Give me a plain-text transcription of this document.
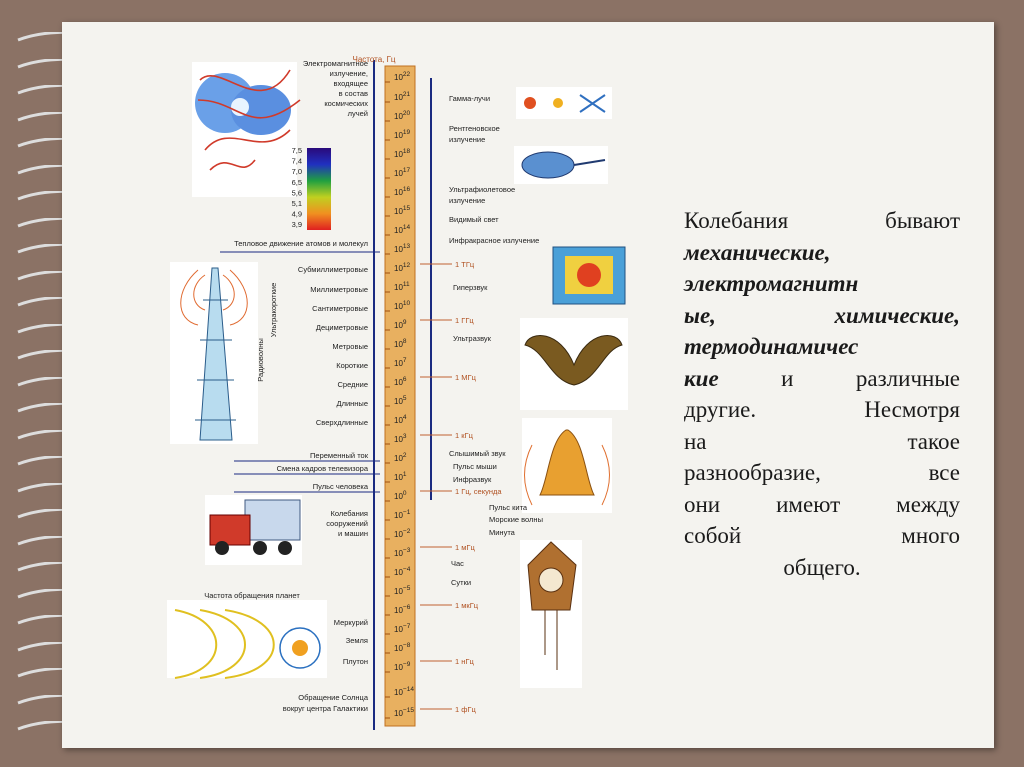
Частота, Гц
$10^{22}$
$10^{21}$
$10^{20}$
$10^{19}$
$10^{18}$
$10^{17}$
$10^{16}$
$10^{15}$
$10^{14}$
$10^{13}$
$10^{12}$
$10^{11}$
$10^{10}$
$10^9$
$10^8$
$10^7$
$10^6$
$10^5$
$10^4$
$10^3$
$10^2$
$10^1$
$10^0$
$10^{-1}$
$10^{-2}$
$10^{-3}$
$10^{-4}$
$10^{-5}$
$10^{-6}$
$10^{-7}$
$10^{-8}$
$10^{-9}$
$10^{-14}$
$10^{-15}$
Электромагнитное
излучение,
входящее
в состав
космических
лучей
7,5
7,4
7,0
6,5
5,6
5,1
4,9
3,9
Тепловое движение атомов и молекул
Субмиллиметровые
Миллиметровые
Сантиметровые
Дециметровые
Метровые
Короткие
Средние
Длинные
Сверхдлинные
Радиоволны
Ультракороткие
Переменный ток
Смена кадров телевизора
Пульс человека
Колебания
сооружений
и машин
Частота обращения планет
Меркурий
Земля
Плутон
Обращение Солнца
вокруг центра Галактики
Гамма-лучи
Рентгеновское
излучение
Ультрафиолетовое
излучение
Видимый свет
Инфракрасное излучение
Гиперзвук
Ультразвук
Слышимый звук
Пульс мыши
Инфразвук
Пульс кита
Морские волны
Минута
Час
Сутки
1 ТГц
1 ГГц
1 МГц
1 кГц
1 Гц, секунда
1 мГц
1 мкГц
1 нГц
1 фГц
Колебания бывают
механические,
электромагнитн
ые, химические,
термодинамичес
кие и различные
другие. Несмотря
на такое
разнообразие, все
они имеют между
собой много
общего.
